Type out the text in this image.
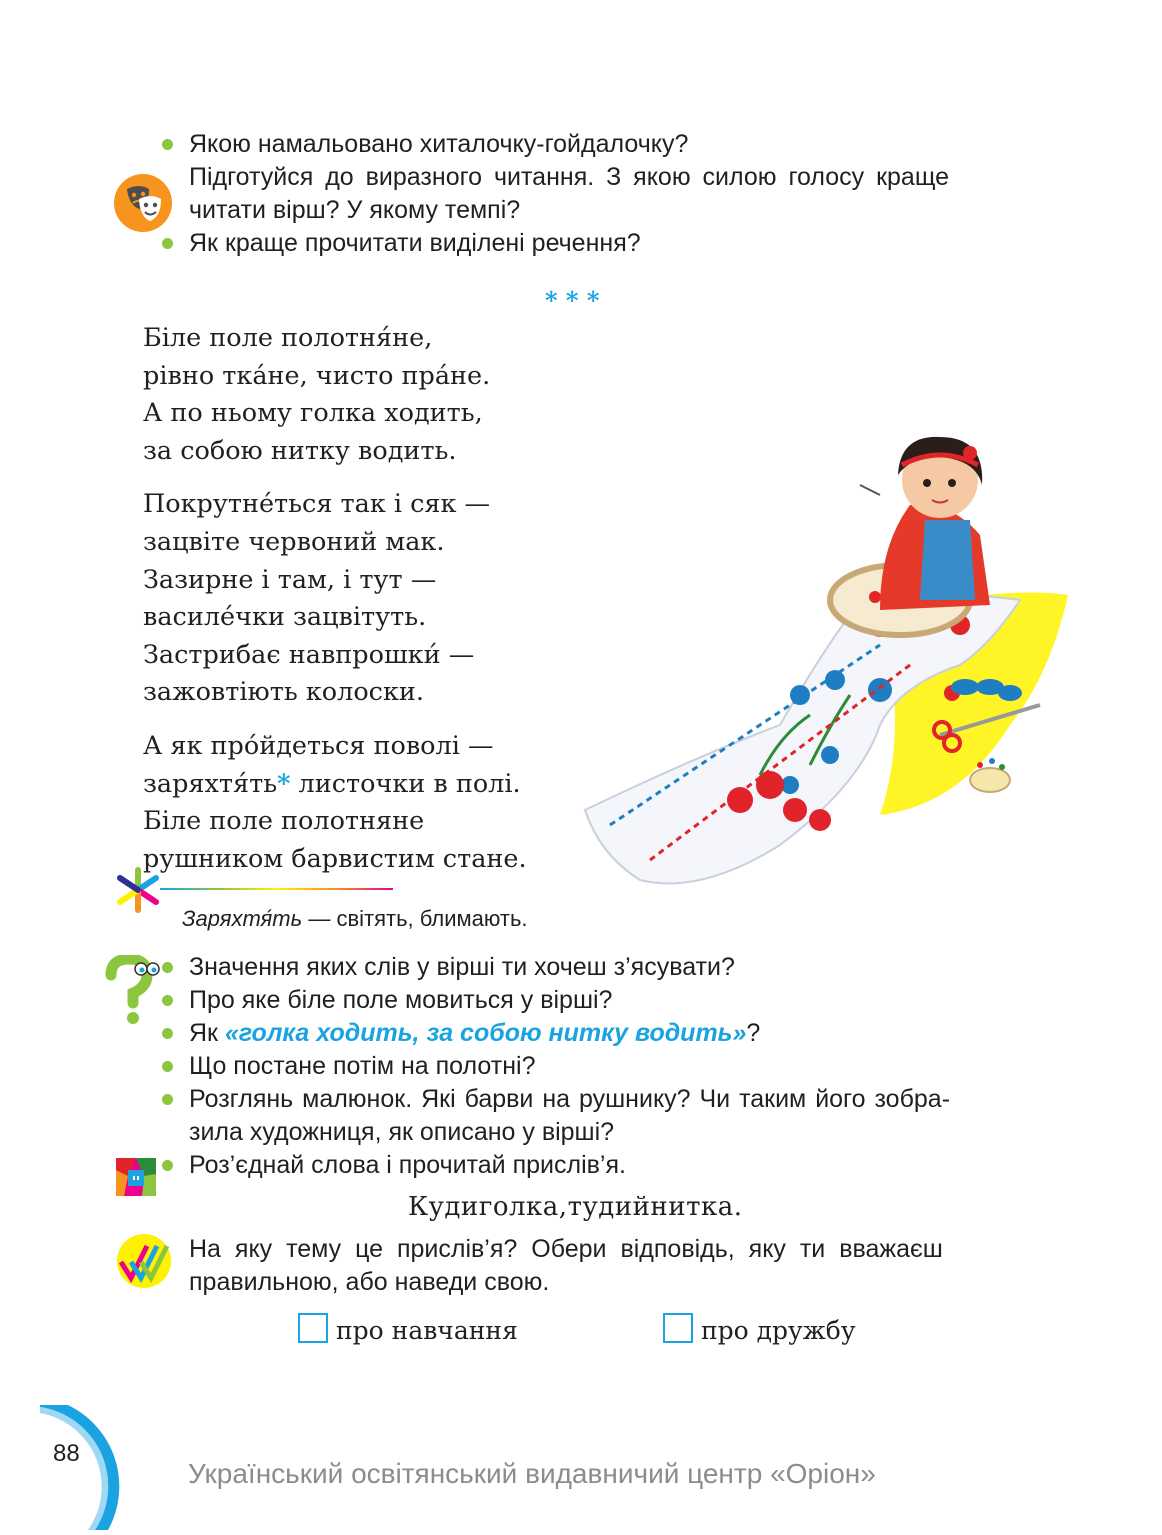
Якою намальовано хиталочку-гойдалочку?
Підготуйся до виразного читання. З якою силою голосу краще
читати вірш? У якому темпі?
Як краще прочитати виділені речення?
* * *
Біле поле полотня́не,
рівно тка́не, чисто пра́не.
А по ньому голка ходить,
за собою нитку водить.
Покрутне́ться так і сяк —
зацвіте червоний мак.
Зазирне і там, і тут —
василе́чки зацвітуть.
Застрибає навпрошки́ —
зажовтіють колоски.
А як про́йдеться поволі —
заряхтя́ть* листочки в полі.
Біле поле полотняне
рушником барвистим стане.
Заряхтя́ть — світять, блимають.
Значення яких слів у вірші ти хочеш з’ясувати?
Про яке біле поле мовиться у вірші?
Як «голка ходить, за собою нитку водить»?
Що постане потім на полотні?
Розглянь малюнок. Які барви на рушнику? Чи таким його зобра-
зила художниця, як описано у вірші?
Роз’єднай слова і прочитай прислів’я.
Кудиголка,тудийнитка.
На яку тему це прислів’я? Обери відповідь, яку ти вважаєш
правильною, або наведи свою.
про навчання	про дружбу
88
Український освітянський видавничий центр «Оріон»
